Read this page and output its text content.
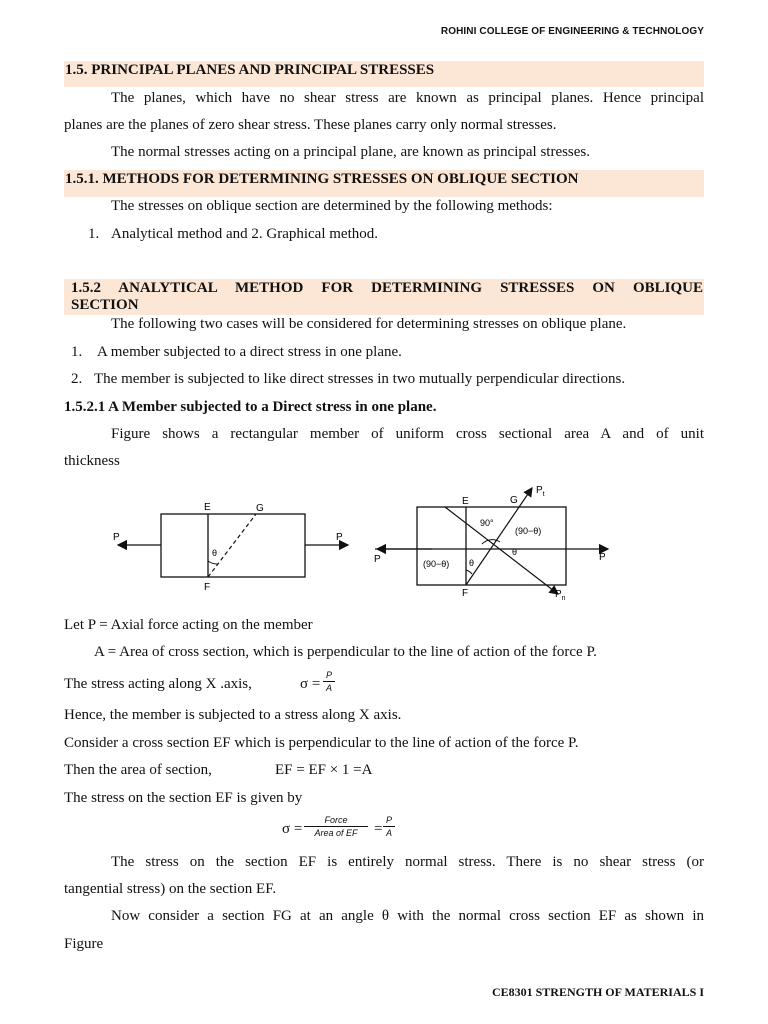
ROHINI COLLEGE OF ENGINEERING & TECHNOLOGY
1.5. PRINCIPAL PLANES AND PRINCIPAL STRESSES
The planes, which have no shear stress are known as principal planes. Hence principal
planes are the planes of zero shear stress. These planes carry only normal stresses.
The normal stresses acting on a principal plane, are known as principal stresses.
1.5.1. METHODS FOR DETERMINING STRESSES ON OBLIQUE SECTION
The stresses on oblique section are determined by the following methods:
1. Analytical method and 2. Graphical method.
1.5.2 ANALYTICAL METHOD FOR DETERMINING STRESSES ON OBLIQUE
SECTION
The following two cases will be considered for determining stresses on oblique plane.
1. A member subjected to a direct stress in one plane.
2. The member is subjected to like direct stresses in two mutually perpendicular directions.
1.5.2.1 A Member subjected to a Direct stress in one plane.
Figure shows a rectangular member of uniform cross sectional area A and of unit
thickness
P	P
E
F
G
θ
P	P
E
F
G
$P_t$
$P_n$
90°
(90−θ)
(90−θ)
θ
θ
Let P = Axial force acting on the member
A = Area of cross section, which is perpendicular to the line of action of the force P.
The stress acting along X .axis,	σ =
P
A
Hence, the member is subjected to a stress along X axis.
Consider a cross section EF which is perpendicular to the line of action of the force P.
Then the area of section,	EF = EF × 1 =A
The stress on the section EF is given by
σ =
Force
Area of EF	=
P
A
The stress on the section EF is entirely normal stress. There is no shear stress (or
tangential stress) on the section EF.
Now consider a section FG at an angle θ with the normal cross section EF as shown in
Figure
CE8301 STRENGTH OF MATERIALS I
